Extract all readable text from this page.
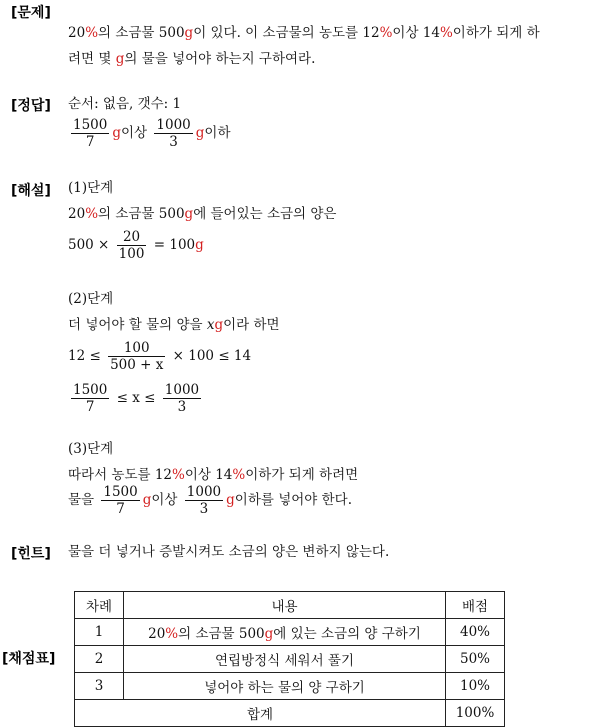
[문제]
20%의 소금물 500g이 있다. 이 소금물의 농도를 12%이상 14%이하가 되게 하
려면 몇 g의 물을 넣어야 하는지 구하여라.
[정답] 순서: 없음, 갯수: 1
$\frac{1500}{7}$ g이상 $\frac{1000}{3}$ g이하
[해설] (1)단계
20%의 소금물 500g에 들어있는 소금의 양은
$500 \times \frac{20}{100} = 100g$
(2)단계
더 넣어야 할 물의 양을 xg이라 하면
$12 \le \frac{100}{500 + x} \times 100 \le 14$
$\frac{1500}{7} \le x \le \frac{1000}{3}$
(3)단계
따라서 농도를 12%이상 14%이하가 되게 하려면
물을 $\frac{1500}{7}$ g이상 $\frac{1000}{3}$ g이하를 넣어야 한다.
[힌트] 물을 더 넣거나 증발시켜도 소금의 양은 변하지 않는다.
[채점표]
차례	내용	배점
1	20%의 소금물 500g에 있는 소금의 양 구하기	40%
2	연립방정식 세워서 풀기	50%
3	넣어야 하는 물의 양 구하기	10%
합계		100%
